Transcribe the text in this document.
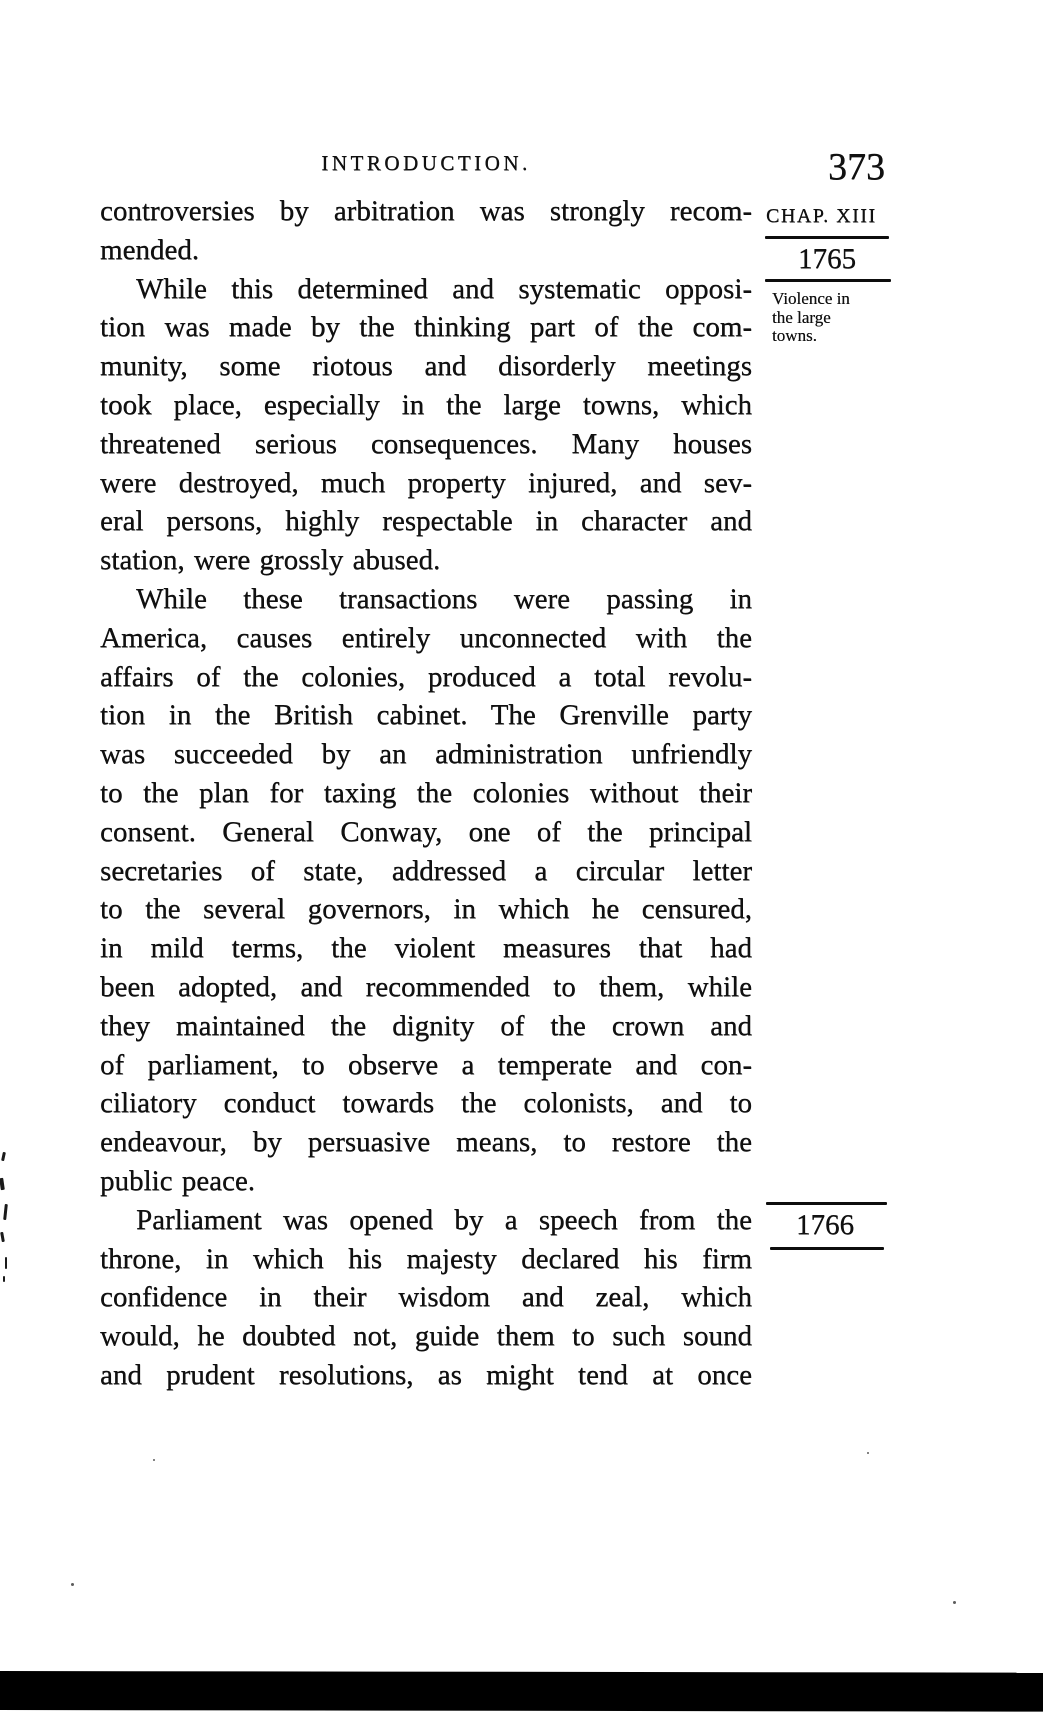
INTRODUCTION.	373
controversies by arbitration was strongly recom-
mended.
While this determined and systematic opposi-
tion was made by the thinking part of the com-
munity, some riotous and disorderly meetings
took place, especially in the large towns, which
threatened serious consequences. Many houses
were destroyed, much property injured, and sev-
eral persons, highly respectable in character and
station, were grossly abused.
While these transactions were passing in
America, causes entirely unconnected with the
affairs of the colonies, produced a total revolu-
tion in the British cabinet. The Grenville party
was succeeded by an administration unfriendly
to the plan for taxing the colonies without their
consent. General Conway, one of the principal
secretaries of state, addressed a circular letter
to the several governors, in which he censured,
in mild terms, the violent measures that had
been adopted, and recommended to them, while
they maintained the dignity of the crown and
of parliament, to observe a temperate and con-
ciliatory conduct towards the colonists, and to
endeavour, by persuasive means, to restore the
public peace.
Parliament was opened by a speech from the
throne, in which his majesty declared his firm
confidence in their wisdom and zeal, which
would, he doubted not, guide them to such sound
and prudent resolutions, as might tend at once
CHAP. XIII
1765
Violence in
the large
towns.
1766
